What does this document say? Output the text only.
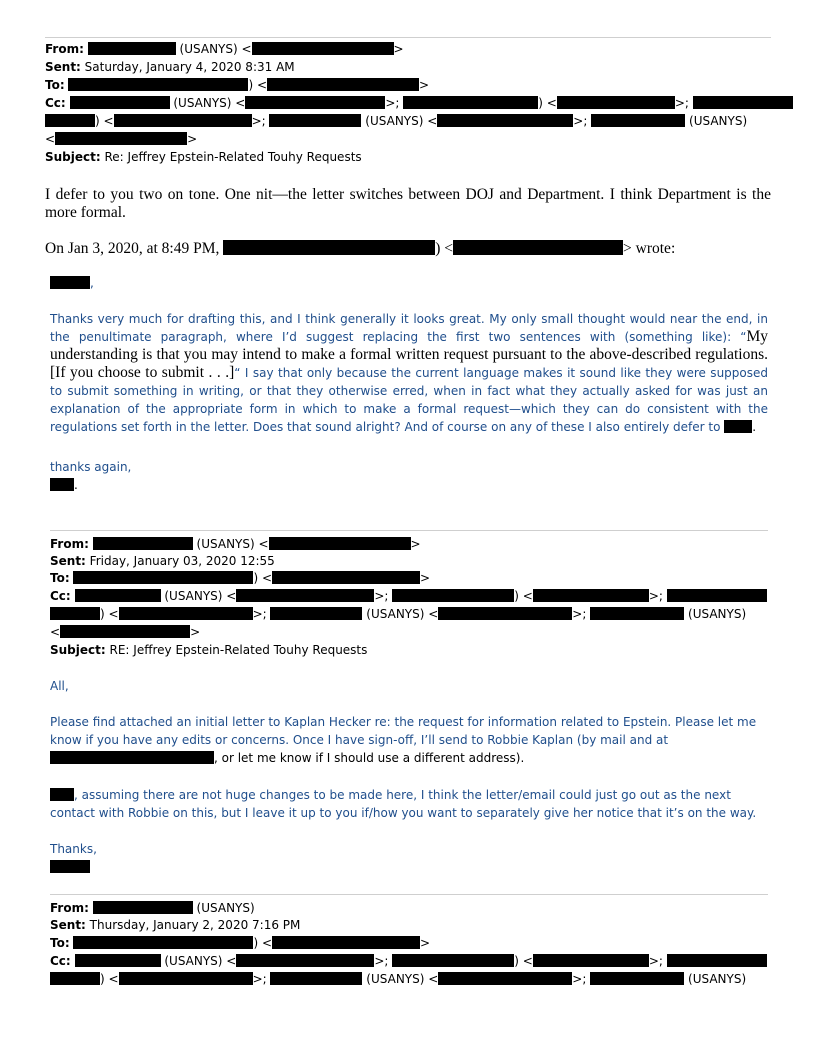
From:	(USANYS) <	>
Sent: Saturday, January 4, 2020 8:31 AM
To:	) <	>
Cc:	(USANYS) <	>;	) <	>;
) <	>;	(USANYS) <	>;	(USANYS)
<	>
Subject: Re: Jeffrey Epstein-Related Touhy Requests
I defer to you two on tone. One nit—the letter switches between DOJ and Department. I think Department is the more formal.
On Jan 3, 2020, at 8:49 PM,	) <	> wrote:
,
Thanks very much for drafting this, and I think generally it looks great. My only small thought would near the end, in the penultimate paragraph, where I’d suggest replacing the first two sentences with (something like): “My understanding is that you may intend to make a formal written request pursuant to the above-described regulations. [If you choose to submit . . .]“ I say that only because the current language makes it sound like they were supposed to submit something in writing, or that they otherwise erred, when in fact what they actually asked for was just an explanation of the appropriate form in which to make a formal request—which they can do consistent with the regulations set forth in the letter. Does that sound alright? And of course on any of these I also entirely defer to	.
thanks again,
.
From:	(USANYS) <	>
Sent: Friday, January 03, 2020 12:55
To:	) <	>
Cc:	(USANYS) <	>;	) <	>;
) <	>;	(USANYS) <	>;	(USANYS)
<	>
Subject: RE: Jeffrey Epstein-Related Touhy Requests
All,
Please find attached an initial letter to Kaplan Hecker re: the request for information related to Epstein. Please let me know if you have any edits or concerns. Once I have sign-off, I’ll send to Robbie Kaplan (by mail and at
, or let me know if I should use a different address).
, assuming there are not huge changes to be made here, I think the letter/email could just go out as the next contact with Robbie on this, but I leave it up to you if/how you want to separately give her notice that it’s on the way.
Thanks,
From:	(USANYS)
Sent: Thursday, January 2, 2020 7:16 PM
To:	) <	>
Cc:	(USANYS) <	>;	) <	>;
) <	>;	(USANYS) <	>;	(USANYS)
